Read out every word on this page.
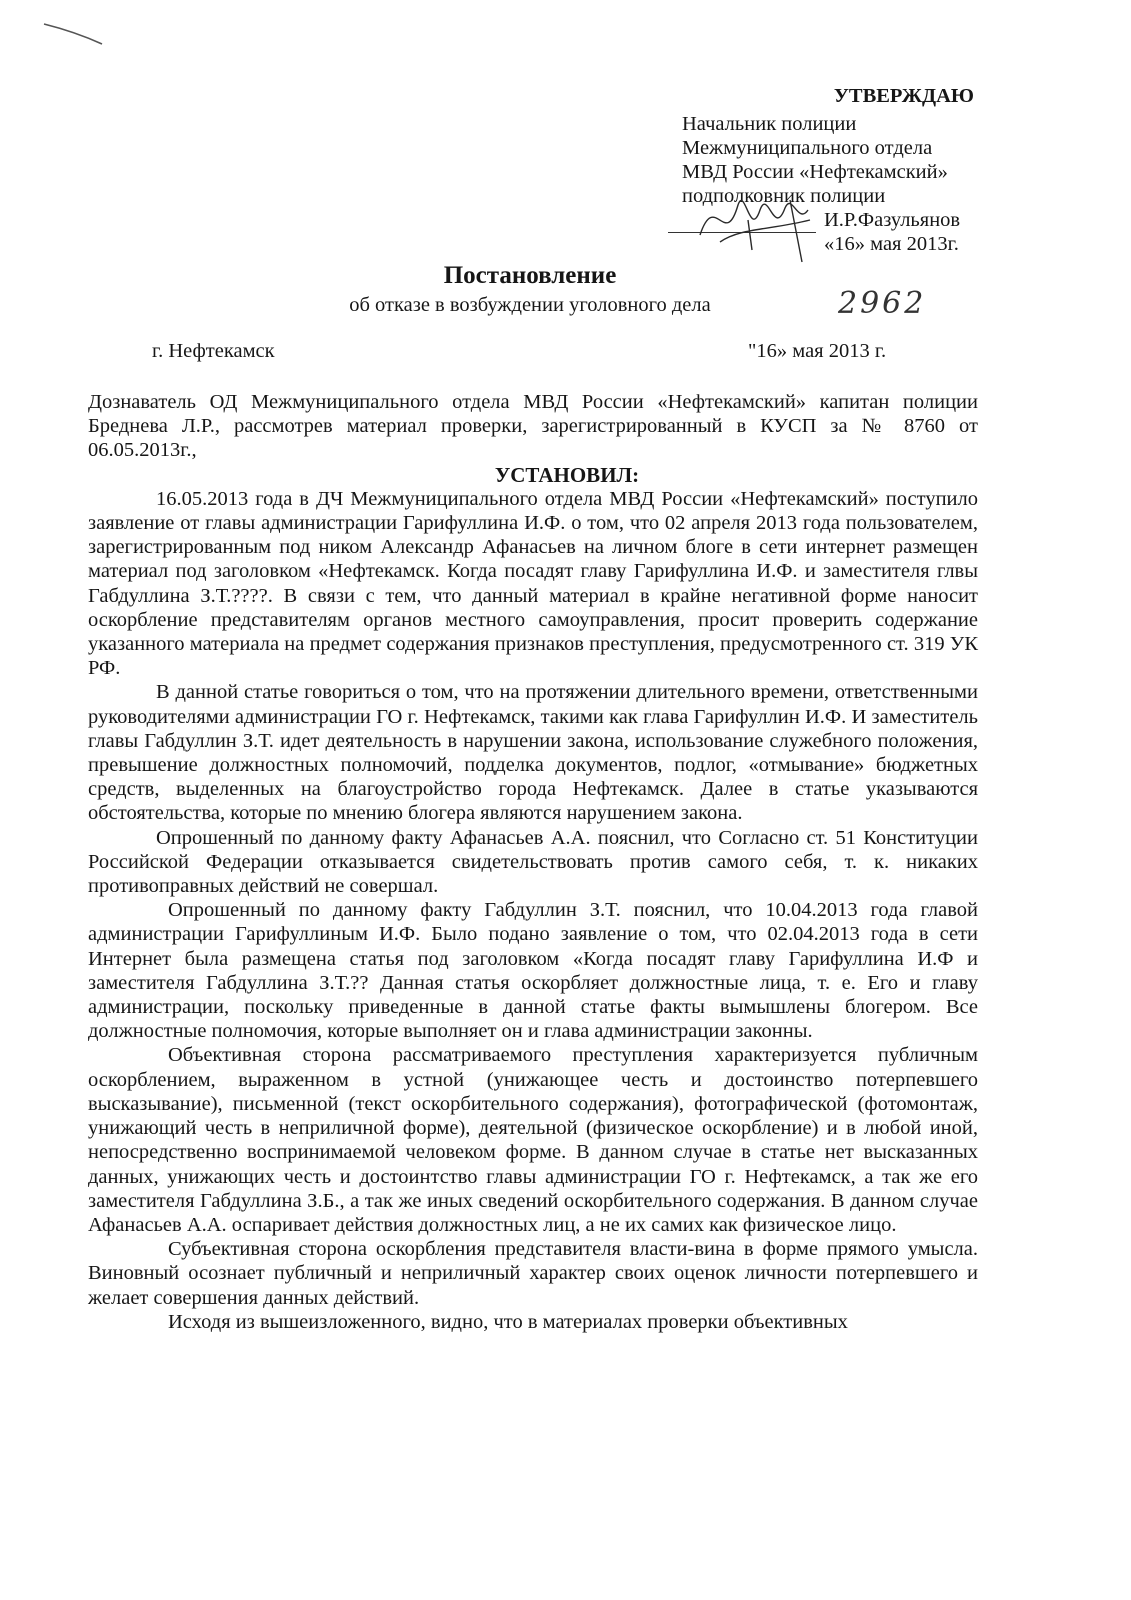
УТВЕРЖДАЮ
Начальник полиции
Межмуниципального отдела
МВД России «Нефтекамский»
подполковник полиции
И.Р.Фазульянов
«16» мая 2013г.
Постановление
об отказе в возбуждении уголовного дела	2962
г. Нефтекамск	"16» мая 2013 г.

Дознаватель ОД Межмуниципального отдела МВД России «Нефтекамский» капитан полиции Бреднева Л.Р., рассмотрев материал проверки, зарегистрированный в КУСП за № 8760 от 06.05.2013г.,

УСТАНОВИЛ:

16.05.2013 года в ДЧ Межмуниципального отдела МВД России «Нефтекамский» поступило заявление от главы администрации Гарифуллина И.Ф. о том, что 02 апреля 2013 года пользователем, зарегистрированным под ником Александр Афанасьев на личном блоге в сети интернет размещен материал под заголовком «Нефтекамск. Когда посадят главу Гарифуллина И.Ф. и заместителя глвы Габдуллина З.Т.????. В связи с тем, что данный материал в крайне негативной форме наносит оскорбление представителям органов местного самоуправления, просит проверить содержание указанного материала на предмет содержания признаков преступления, предусмотренного ст. 319 УК РФ.

В данной статье говориться о том, что на протяжении длительного времени, ответственными руководителями администрации ГО г. Нефтекамск, такими как глава Гарифуллин И.Ф. И заместитель главы Габдуллин З.Т. идет деятельность в нарушении закона, использование служебного положения, превышение должностных полномочий, подделка документов, подлог, «отмывание» бюджетных средств, выделенных на благоустройство города Нефтекамск. Далее в статье указываются обстоятельства, которые по мнению блогера являются нарушением закона.

Опрошенный по данному факту Афанасьев А.А. пояснил, что Согласно ст. 51 Конституции Российской Федерации отказывается свидетельствовать против самого себя, т. к. никаких противоправных действий не совершал.

Опрошенный по данному факту Габдуллин З.Т. пояснил, что 10.04.2013 года главой администрации Гарифуллиным И.Ф. Было подано заявление о том, что 02.04.2013 года в сети Интернет была размещена статья под заголовком «Когда посадят главу Гарифуллина И.Ф и заместителя Габдуллина З.Т.?? Данная статья оскорбляет должностные лица, т. е. Его и главу администрации, поскольку приведенные в данной статье факты вымышлены блогером. Все должностные полномочия, которые выполняет он и глава администрации законны.

Объективная сторона рассматриваемого преступления характеризуется публичным оскорблением, выраженном в устной (унижающее честь и достоинство потерпевшего высказывание), письменной (текст оскорбительного содержания), фотографической (фотомонтаж, унижающий честь в неприличной форме), деятельной (физическое оскорбление) и в любой иной, непосредственно воспринимаемой человеком форме. В данном случае в статье нет высказанных данных, унижающих честь и достоинтство главы администрации ГО г. Нефтекамск, а так же его заместителя Габдуллина З.Б., а так же иных сведений оскорбительного содержания. В данном случае Афанасьев А.А. оспаривает действия должностных лиц, а не их самих как физическое лицо.

Субъективная сторона оскорбления представителя власти-вина в форме прямого умысла. Виновный осознает публичный и неприличный характер своих оценок личности потерпевшего и желает совершения данных действий.

Исходя из вышеизложенного, видно, что в материалах проверки объективных
